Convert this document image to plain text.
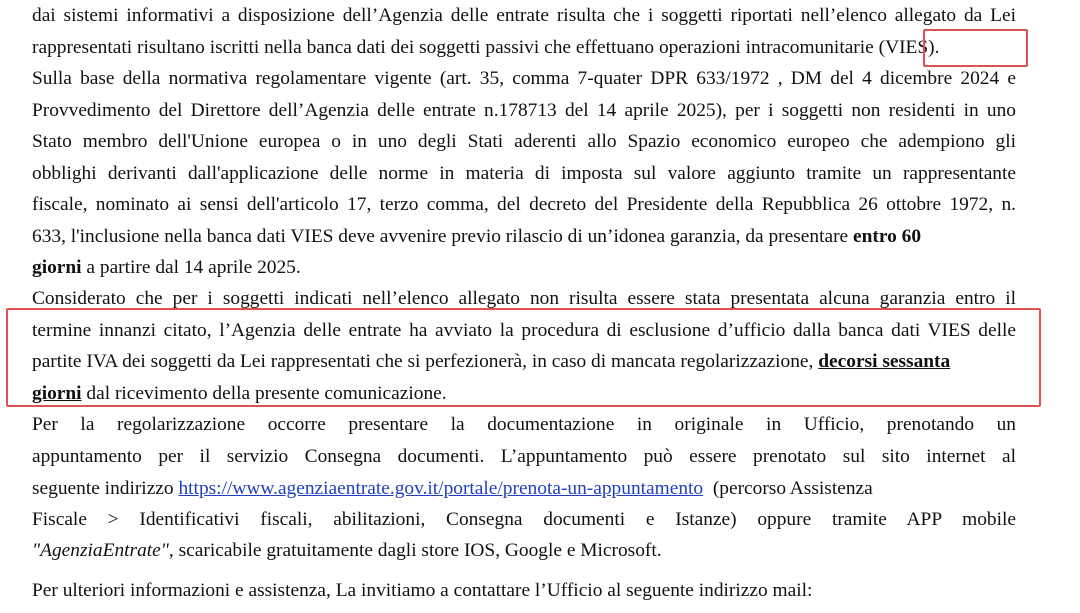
dai sistemi informativi a disposizione dell’Agenzia delle entrate risulta che i soggetti riportati nell’elenco allegato da Lei
rappresentati risultano iscritti nella banca dati dei soggetti passivi che effettuano operazioni intracomunitarie (VIES).
Sulla base della normativa regolamentare vigente (art. 35, comma 7-quater DPR 633/1972 , DM del 4 dicembre 2024 e
Provvedimento del Direttore dell’Agenzia delle entrate n.178713 del 14 aprile 2025), per i soggetti non residenti in uno
Stato membro dell'Unione europea o in uno degli Stati aderenti allo Spazio economico europeo che adempiono gli
obblighi derivanti dall'applicazione delle norme in materia di imposta sul valore aggiunto tramite un rappresentante
fiscale, nominato ai sensi dell'articolo 17, terzo comma, del decreto del Presidente della Repubblica 26 ottobre 1972, n.
633, l'inclusione nella banca dati VIES deve avvenire previo rilascio di un’idonea garanzia, da presentare entro 60
giorni a partire dal 14 aprile 2025.
Considerato che per i soggetti indicati nell’elenco allegato non risulta essere stata presentata alcuna garanzia entro il
termine innanzi citato, l’Agenzia delle entrate ha avviato la procedura di esclusione d’ufficio dalla banca dati VIES delle
partite IVA dei soggetti da Lei rappresentati che si perfezionerà, in caso di mancata regolarizzazione, decorsi sessanta
giorni dal ricevimento della presente comunicazione.
Per la regolarizzazione occorre presentare la documentazione in originale in Ufficio, prenotando un
appuntamento per il servizio Consegna documenti. L’appuntamento può essere prenotato sul sito internet al
seguente indirizzo https://www.agenziaentrate.gov.it/portale/prenota-un-appuntamento (percorso Assistenza
Fiscale > Identificativi fiscali, abilitazioni, Consegna documenti e Istanze) oppure tramite APP mobile
"AgenziaEntrate", scaricabile gratuitamente dagli store IOS, Google e Microsoft.
Per ulteriori informazioni e assistenza, La invitiamo a contattare l’Ufficio al seguente indirizzo mail:
